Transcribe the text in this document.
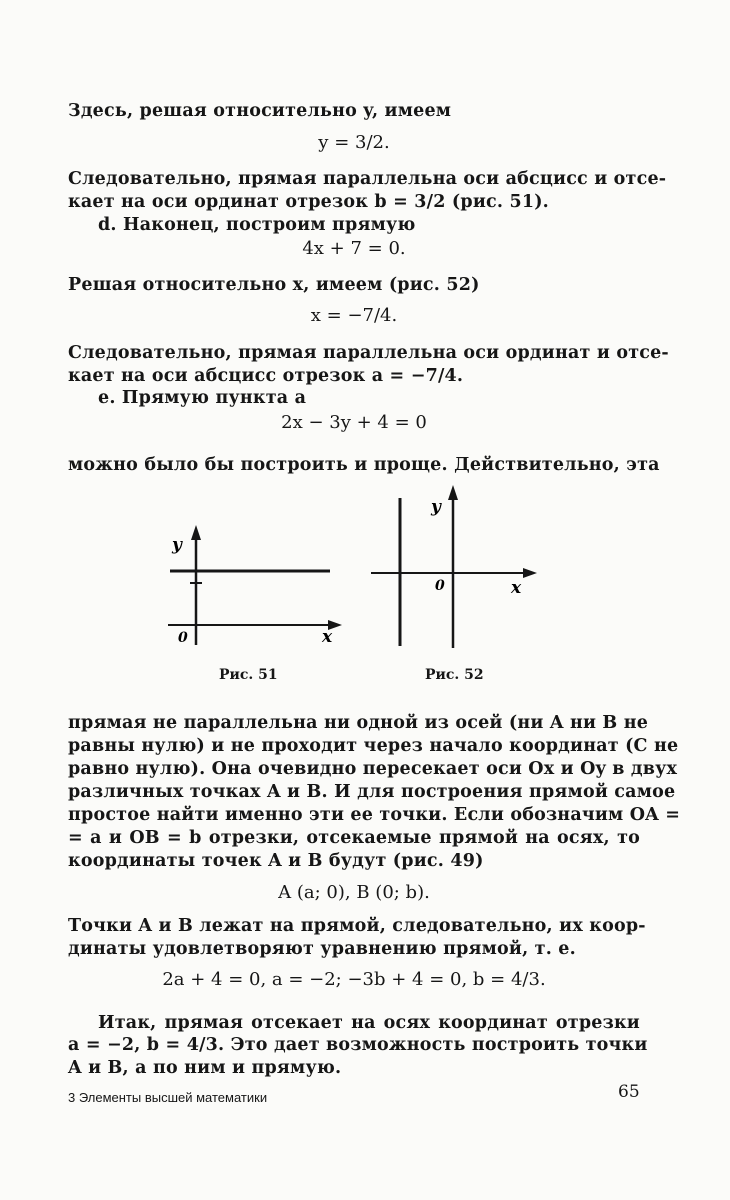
Здесь, решая относительно y, имеем
y = 3/2.
Следовательно, прямая параллельна оси абсцисс и отсе-
кает на оси ординат отрезок b = 3/2 (рис. 51).
d. Наконец, построим прямую
4x + 7 = 0.
Решая относительно x, имеем (рис. 52)
x = −7/4.
Следовательно, прямая параллельна оси ординат и отсе-
кает на оси абсцисс отрезок a = −7/4.
e. Прямую пункта a
2x − 3y + 4 = 0
можно было бы построить и проще. Действительно, эта
y
0	x
Рис. 51
y
0	x
Рис. 52
прямая не параллельна ни одной из осей (ни A ни B не
равны нулю) и не проходит через начало координат (C не
равно нулю). Она очевидно пересекает оси Ox и Oy в двух
различных точках A и B. И для построения прямой самое
простое найти именно эти ее точки. Если обозначим OA =
= a и OB = b отрезки, отсекаемые прямой на осях, то
координаты точек A и B будут (рис. 49)
A (a; 0), B (0; b).
Точки A и B лежат на прямой, следовательно, их коор-
динаты удовлетворяют уравнению прямой, т. е.
2a + 4 = 0, a = −2; −3b + 4 = 0, b = 4/3.
Итак, прямая отсекает на осях координат отрезки
a = −2, b = 4/3. Это дает возможность построить точки
A и B, а по ним и прямую.
3 Элементы высшей математики	65
